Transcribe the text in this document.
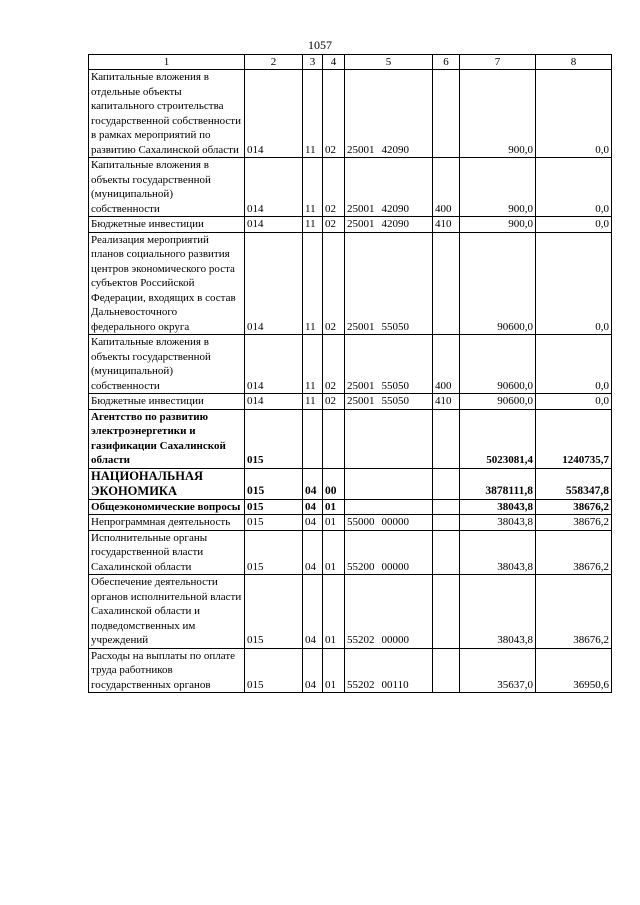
1057
1	2	3	4	5	6	7	8
Капитальные вложения в отдельные объекты капитального строительства государственной собственности в рамках мероприятий по развитию Сахалинской области	014	11	02	25001 42090		900,0	0,0
Капитальные вложения в объекты государственной (муниципальной) собственности	014	11	02	25001 42090	400	900,0	0,0
Бюджетные инвестиции	014	11	02	25001 42090	410	900,0	0,0
Реализация мероприятий планов социального развития центров экономического роста субъектов Российской Федерации, входящих в состав Дальневосточного федерального округа	014	11	02	25001 55050		90600,0	0,0
Капитальные вложения в объекты государственной (муниципальной) собственности	014	11	02	25001 55050	400	90600,0	0,0
Бюджетные инвестиции	014	11	02	25001 55050	410	90600,0	0,0
Агентство по развитию электроэнергетики и газификации Сахалинской области	015					5023081,4	1240735,7
НАЦИОНАЛЬНАЯ ЭКОНОМИКА	015	04	00			3878111,8	558347,8
Общеэкономические вопросы	015	04	01			38043,8	38676,2
Непрограммная деятельность	015	04	01	55000 00000		38043,8	38676,2
Исполнительные органы государственной власти Сахалинской области	015	04	01	55200 00000		38043,8	38676,2
Обеспечение деятельности органов исполнительной власти Сахалинской области и подведомственных им учреждений	015	04	01	55202 00000		38043,8	38676,2
Расходы на выплаты по оплате труда работников государственных органов	015	04	01	55202 00110		35637,0	36950,6
